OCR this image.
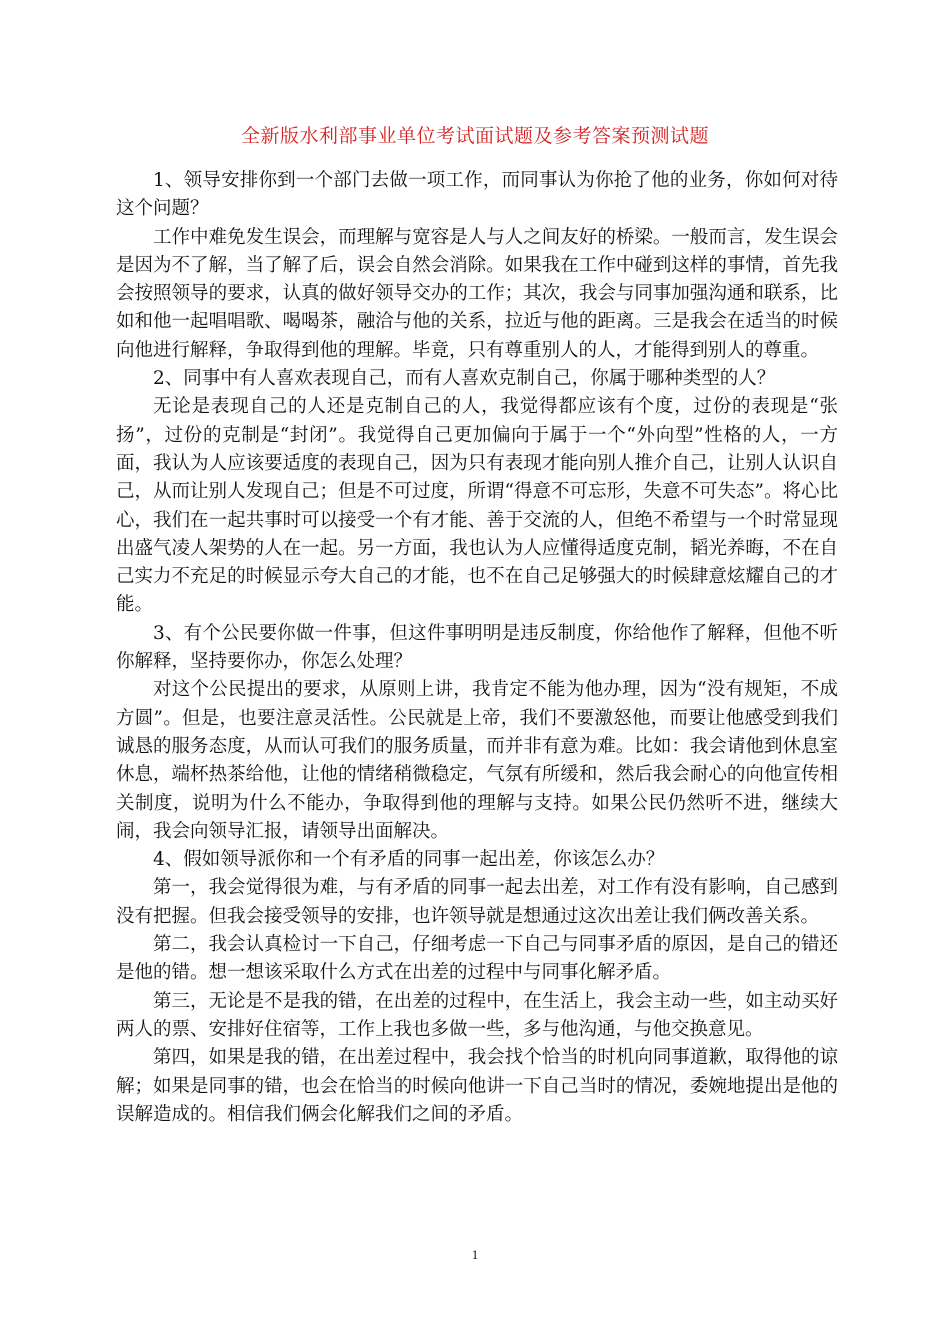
全新版水利部事业单位考试面试题及参考答案预测试题

1、领导安排你到一个部门去做一项工作，而同事认为你抢了他的业务，你如何对待这个问题？

工作中难免发生误会，而理解与宽容是人与人之间友好的桥梁。一般而言，发生误会是因为不了解，当了解了后，误会自然会消除。如果我在工作中碰到这样的事情，首先我会按照领导的要求，认真的做好领导交办的工作；其次，我会与同事加强沟通和联系，比如和他一起唱唱歌、喝喝茶，融洽与他的关系，拉近与他的距离。三是我会在适当的时候向他进行解释，争取得到他的理解。毕竟，只有尊重别人的人，才能得到别人的尊重。

2、同事中有人喜欢表现自己，而有人喜欢克制自己，你属于哪种类型的人？

无论是表现自己的人还是克制自己的人，我觉得都应该有个度，过份的表现是“张扬”，过份的克制是“封闭”。我觉得自己更加偏向于属于一个“外向型”性格的人，一方面，我认为人应该要适度的表现自己，因为只有表现才能向别人推介自己，让别人认识自己，从而让别人发现自己；但是不可过度，所谓“得意不可忘形，失意不可失态”。将心比心，我们在一起共事时可以接受一个有才能、善于交流的人，但绝不希望与一个时常显现出盛气凌人架势的人在一起。另一方面，我也认为人应懂得适度克制，韬光养晦，不在自己实力不充足的时候显示夸大自己的才能，也不在自己足够强大的时候肆意炫耀自己的才能。

3、有个公民要你做一件事，但这件事明明是违反制度，你给他作了解释，但他不听你解释，坚持要你办，你怎么处理？

对这个公民提出的要求，从原则上讲，我肯定不能为他办理，因为“没有规矩，不成方圆”。但是，也要注意灵活性。公民就是上帝，我们不要激怒他，而要让他感受到我们诚恳的服务态度，从而认可我们的服务质量，而并非有意为难。比如：我会请他到休息室休息，端杯热茶给他，让他的情绪稍微稳定，气氛有所缓和，然后我会耐心的向他宣传相关制度，说明为什么不能办，争取得到他的理解与支持。如果公民仍然听不进，继续大闹，我会向领导汇报，请领导出面解决。

4、假如领导派你和一个有矛盾的同事一起出差，你该怎么办？

第一，我会觉得很为难，与有矛盾的同事一起去出差，对工作有没有影响，自己感到没有把握。但我会接受领导的安排，也许领导就是想通过这次出差让我们俩改善关系。

第二，我会认真检讨一下自己，仔细考虑一下自己与同事矛盾的原因，是自己的错还是他的错。想一想该采取什么方式在出差的过程中与同事化解矛盾。

第三，无论是不是我的错，在出差的过程中，在生活上，我会主动一些，如主动买好两人的票、安排好住宿等，工作上我也多做一些，多与他沟通，与他交换意见。

第四，如果是我的错，在出差过程中，我会找个恰当的时机向同事道歉，取得他的谅解；如果是同事的错，也会在恰当的时候向他讲一下自己当时的情况，委婉地提出是他的误解造成的。相信我们俩会化解我们之间的矛盾。

1
